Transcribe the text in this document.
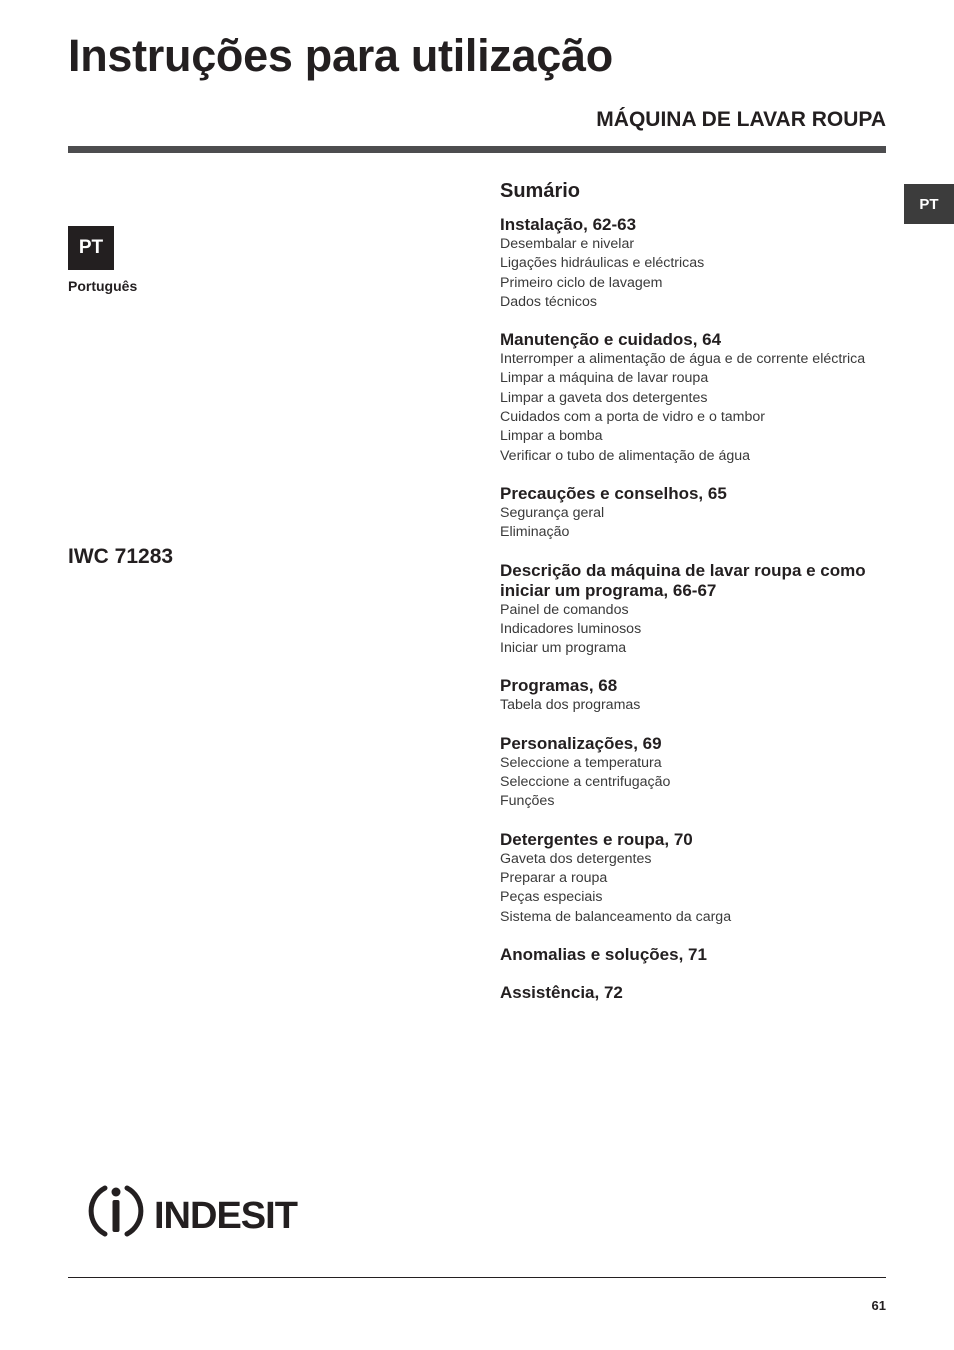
Instruções para utilização
MÁQUINA DE LAVAR ROUPA
PT
PT
Português
IWC 71283
Sumário
Instalação, 62-63
Desembalar e nivelar
Ligações hidráulicas e eléctricas
Primeiro ciclo de lavagem
Dados técnicos
Manutenção e cuidados, 64
Interromper a alimentação de água e de corrente eléctrica
Limpar a máquina de lavar roupa
Limpar a gaveta dos detergentes
Cuidados com a porta de vidro e o tambor
Limpar a bomba
Verificar o tubo de alimentação de água
Precauções e conselhos, 65
Segurança geral
Eliminação
Descrição da máquina de lavar roupa e como iniciar um programa, 66-67
Painel de comandos
Indicadores luminosos
Iniciar um programa
Programas, 68
Tabela dos programas
Personalizações, 69
Seleccione a temperatura
Seleccione a centrifugação
Funções
Detergentes e roupa, 70
Gaveta dos detergentes
Preparar a roupa
Peças especiais
Sistema de balanceamento da carga
Anomalias e soluções, 71
Assistência, 72
INDESIT
61
